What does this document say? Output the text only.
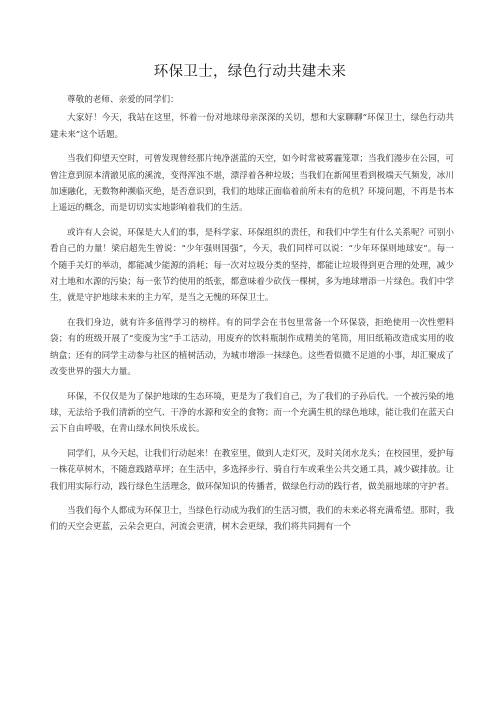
环保卫士，绿色行动共建未来

尊敬的老师、亲爱的同学们：

大家好！今天，我站在这里，怀着一份对地球母亲深深的关切，想和大家聊聊“环保卫士，绿色行动共建未来”这个话题。

当我们仰望天空时，可曾发现曾经那片纯净湛蓝的天空，如今时常被雾霾笼罩；当我们漫步在公园，可曾注意到原本清澈见底的溪流，变得浑浊不堪，漂浮着各种垃圾；当我们在新闻里看到极端天气频发，冰川加速融化，无数物种濒临灭绝，是否意识到，我们的地球正面临着前所未有的危机？环境问题，不再是书本上遥远的概念，而是切切实实地影响着我们的生活。

或许有人会说，环保是大人们的事，是科学家、环保组织的责任，和我们中学生有什么关系呢？可别小看自己的力量！梁启超先生曾说：“少年强则国强”，今天，我们同样可以说：“少年环保则地球安”。每一个随手关灯的举动，都能减少能源的消耗；每一次对垃圾分类的坚持，都能让垃圾得到更合理的处理，减少对土地和水源的污染；每一张节约使用的纸张，都意味着少砍伐一棵树，多为地球增添一片绿色。我们中学生，就是守护地球未来的主力军，是当之无愧的环保卫士。

在我们身边，就有许多值得学习的榜样。有的同学会在书包里常备一个环保袋，拒绝使用一次性塑料袋；有的班级开展了“变废为宝”手工活动，用废弃的饮料瓶制作成精美的笔筒，用旧纸箱改造成实用的收纳盒；还有的同学主动参与社区的植树活动，为城市增添一抹绿色。这些看似微不足道的小事，却汇聚成了改变世界的强大力量。

环保，不仅仅是为了保护地球的生态环境，更是为了我们自己，为了我们的子孙后代。一个被污染的地球，无法给予我们清新的空气、干净的水源和安全的食物；而一个充满生机的绿色地球，能让我们在蓝天白云下自由呼吸，在青山绿水间快乐成长。

同学们，从今天起，让我们行动起来！在教室里，做到人走灯灭，及时关闭水龙头；在校园里，爱护每一株花草树木，不随意践踏草坪；在生活中，多选择步行、骑自行车或乘坐公共交通工具，减少碳排放。让我们用实际行动，践行绿色生活理念，做环保知识的传播者，做绿色行动的践行者，做美丽地球的守护者。

当我们每个人都成为环保卫士，当绿色行动成为我们的生活习惯，我们的未来必将充满希望。那时，我们的天空会更蓝，云朵会更白，河流会更清，树木会更绿，我们将共同拥有一个
